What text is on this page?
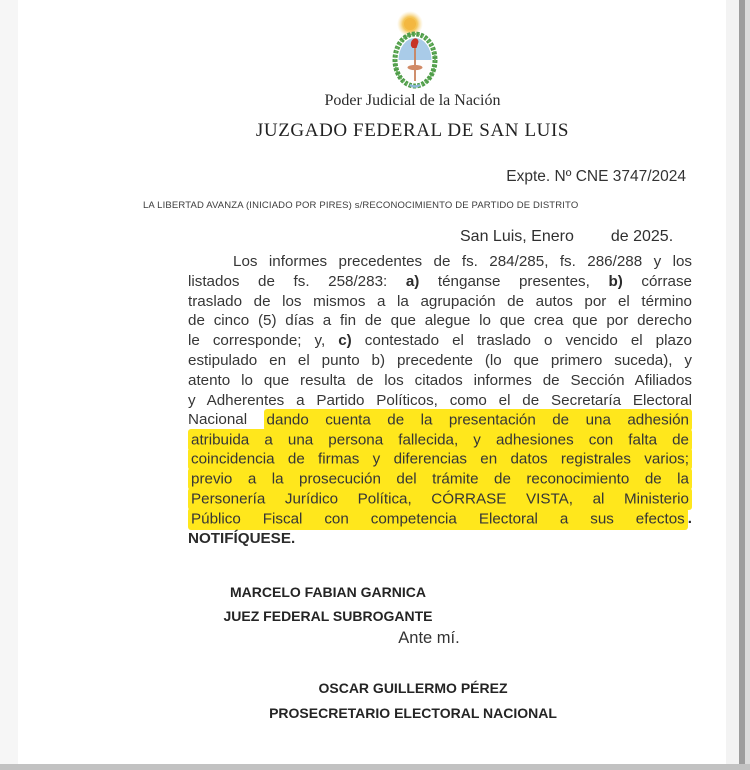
Poder Judicial de la Nación
JUZGADO FEDERAL DE SAN LUIS
Expte. Nº CNE 3747/2024
LA LIBERTAD AVANZA (INICIADO POR PIRES) s/RECONOCIMIENTO DE PARTIDO DE DISTRITO
San Luis, Enero de 2025.
Los informes precedentes de fs. 284/285, fs. 286/288 y los
listados de fs. 258/283: a) ténganse presentes, b) córrase
traslado de los mismos a la agrupación de autos por el término
de cinco (5) días a fin de que alegue lo que crea que por derecho
le corresponde; y, c) contestado el traslado o vencido el plazo
estipulado en el punto b) precedente (lo que primero suceda), y
atento lo que resulta de los citados informes de Sección Afiliados
y Adherentes a Partido Políticos, como el de Secretaría Electoral
Nacional dando cuenta de la presentación de una adhesión
atribuida a una persona fallecida, y adhesiones con falta de
coincidencia de firmas y diferencias en datos registrales varios;
previo a la prosecución del trámite de reconocimiento de la
Personería Jurídico Política, CÓRRASE VISTA, al Ministerio
Público Fiscal con competencia Electoral a sus efectos .
NOTIFÍQUESE.
MARCELO FABIAN GARNICA
JUEZ FEDERAL SUBROGANTE
Ante mí.
OSCAR GUILLERMO PÉREZ
PROSECRETARIO ELECTORAL NACIONAL
